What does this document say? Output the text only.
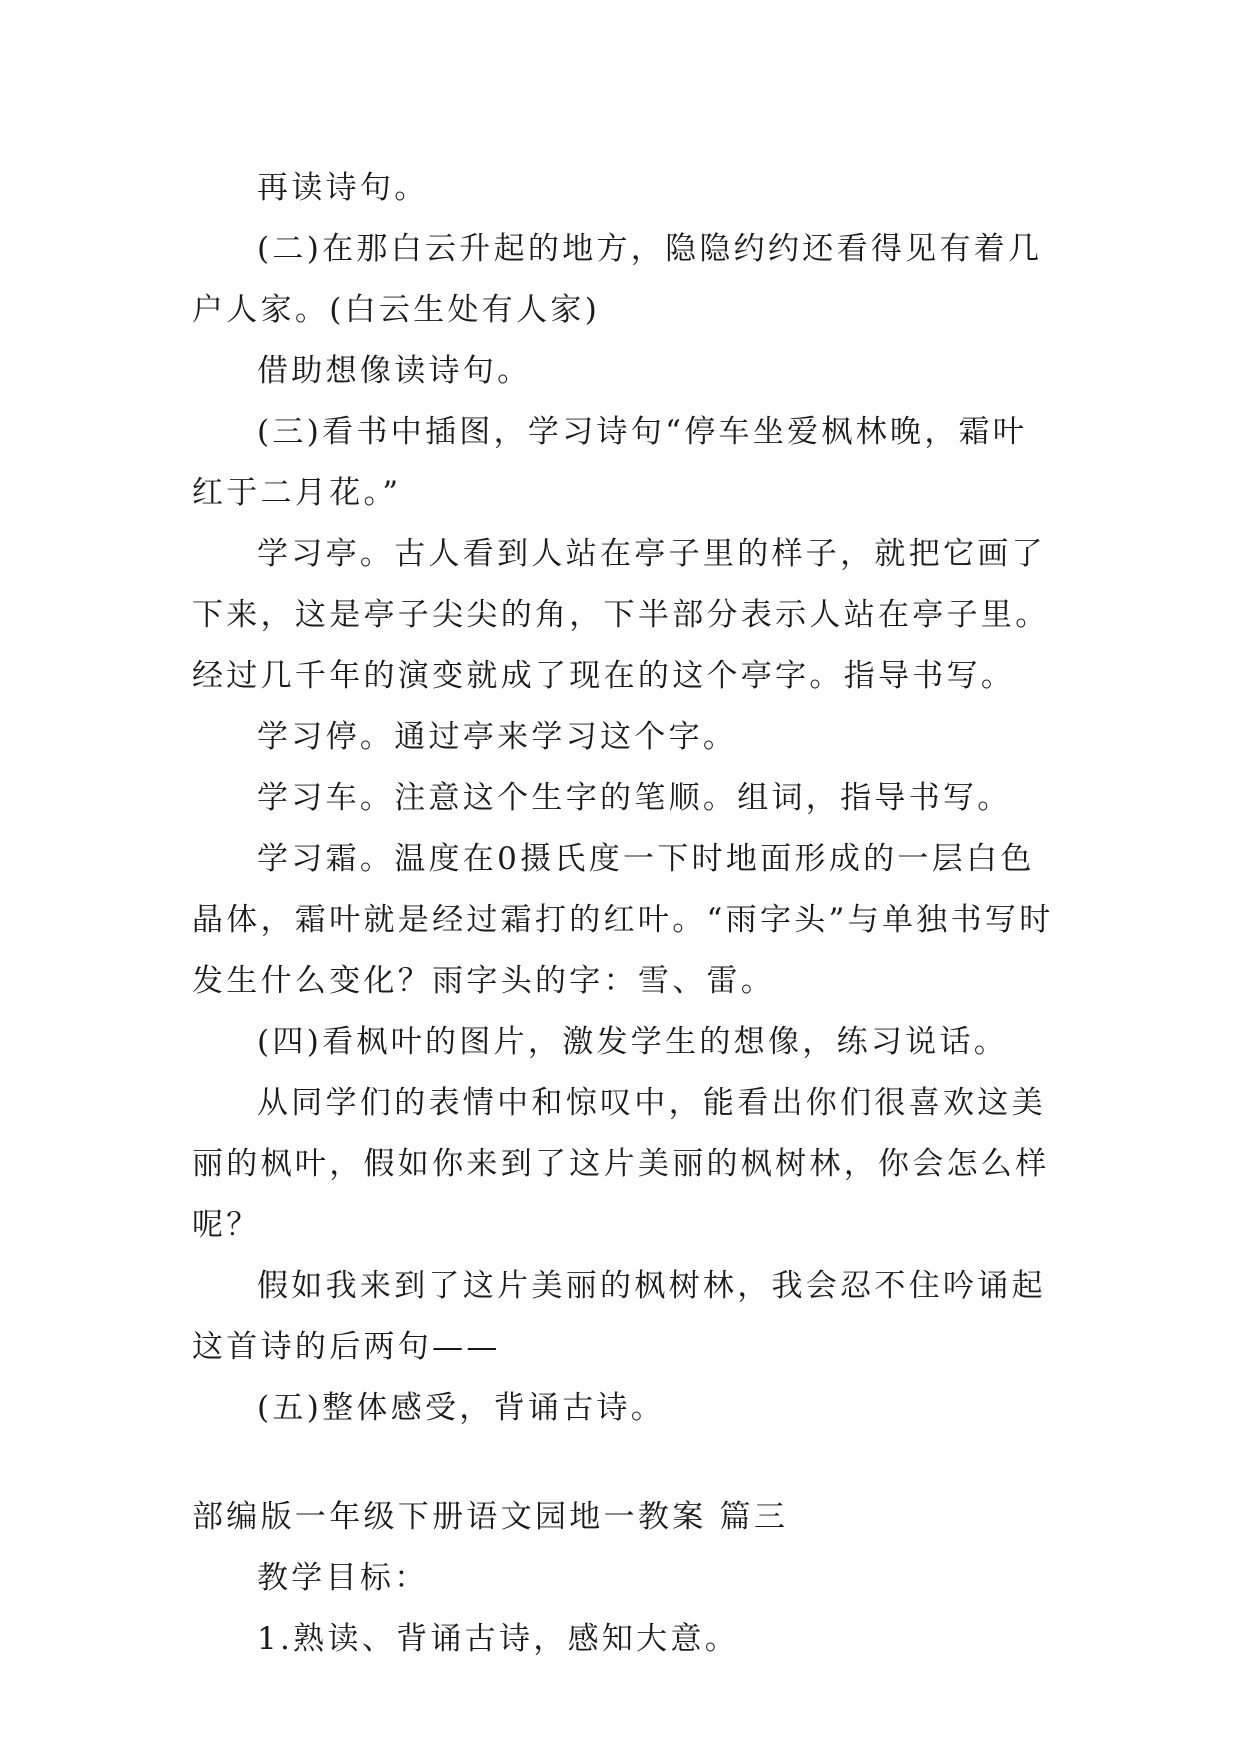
再读诗句。

(二)在那白云升起的地方，隐隐约约还看得见有着几户人家。(白云生处有人家)

借助想像读诗句。

(三)看书中插图，学习诗句“停车坐爱枫林晚，霜叶红于二月花。”

学习亭。古人看到人站在亭子里的样子，就把它画了下来，这是亭子尖尖的角，下半部分表示人站在亭子里。经过几千年的演变就成了现在的这个亭字。指导书写。

学习停。通过亭来学习这个字。

学习车。注意这个生字的笔顺。组词，指导书写。

学习霜。温度在0摄氏度一下时地面形成的一层白色晶体，霜叶就是经过霜打的红叶。“雨字头”与单独书写时发生什么变化？雨字头的字：雪、雷。

(四)看枫叶的图片，激发学生的想像，练习说话。

从同学们的表情中和惊叹中，能看出你们很喜欢这美丽的枫叶，假如你来到了这片美丽的枫树林，你会怎么样呢？

假如我来到了这片美丽的枫树林，我会忍不住吟诵起这首诗的后两句——

(五)整体感受，背诵古诗。

部编版一年级下册语文园地一教案 篇三

教学目标：

1.熟读、背诵古诗，感知大意。
